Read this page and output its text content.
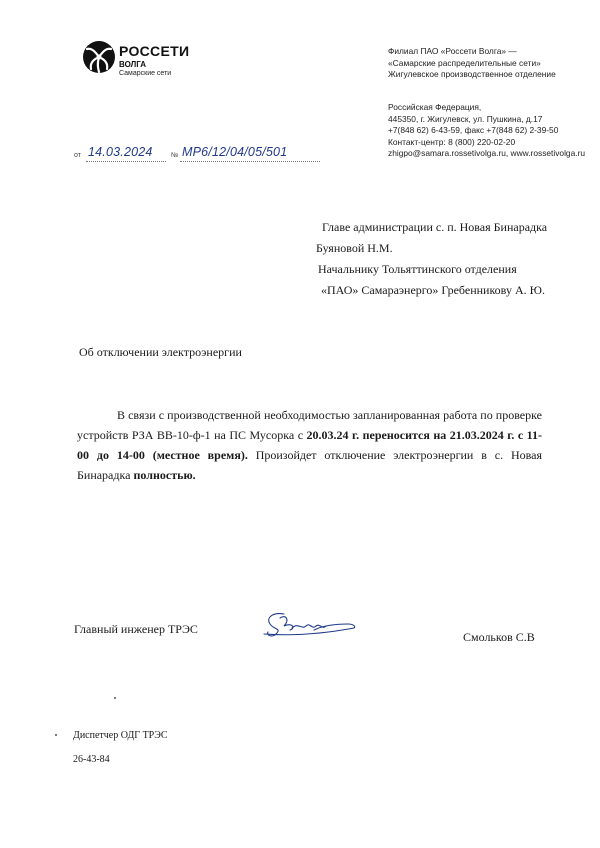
РОССЕТИ
ВОЛГА
Самарские сети
Филиал ПАО «Россети Волга» —
«Самарские распределительные сети»
Жигулевское производственное отделение
Российская Федерация,
445350, г. Жигулевск, ул. Пушкина, д.17
+7(848 62) 6-43-59, факс +7(848 62) 2-39-50
Контакт-центр: 8 (800) 220-02-20
zhigpo@samara.rossetivolga.ru, www.rossetivolga.ru
от 14.03.2024	№ МР6/12/04/05/501
Главе администрации с. п. Новая Бинарадка
Буяновой Н.М.
Начальнику Тольяттинского отделения
«ПАО» Самараэнерго» Гребенникову А. Ю.
Об отключении электроэнергии

В связи с производственной необходимостью запланированная работа по проверке устройств РЗА ВВ-10-ф-1 на ПС Мусорка с 20.03.24 г. переносится на 21.03.2024 г. с 11-00 до 14-00 (местное время). Произойдет отключение электроэнергии в с. Новая Бинарадка полностью.

Главный инженер ТРЭС
Смольков С.В
Диспетчер ОДГ ТРЭС
26-43-84
